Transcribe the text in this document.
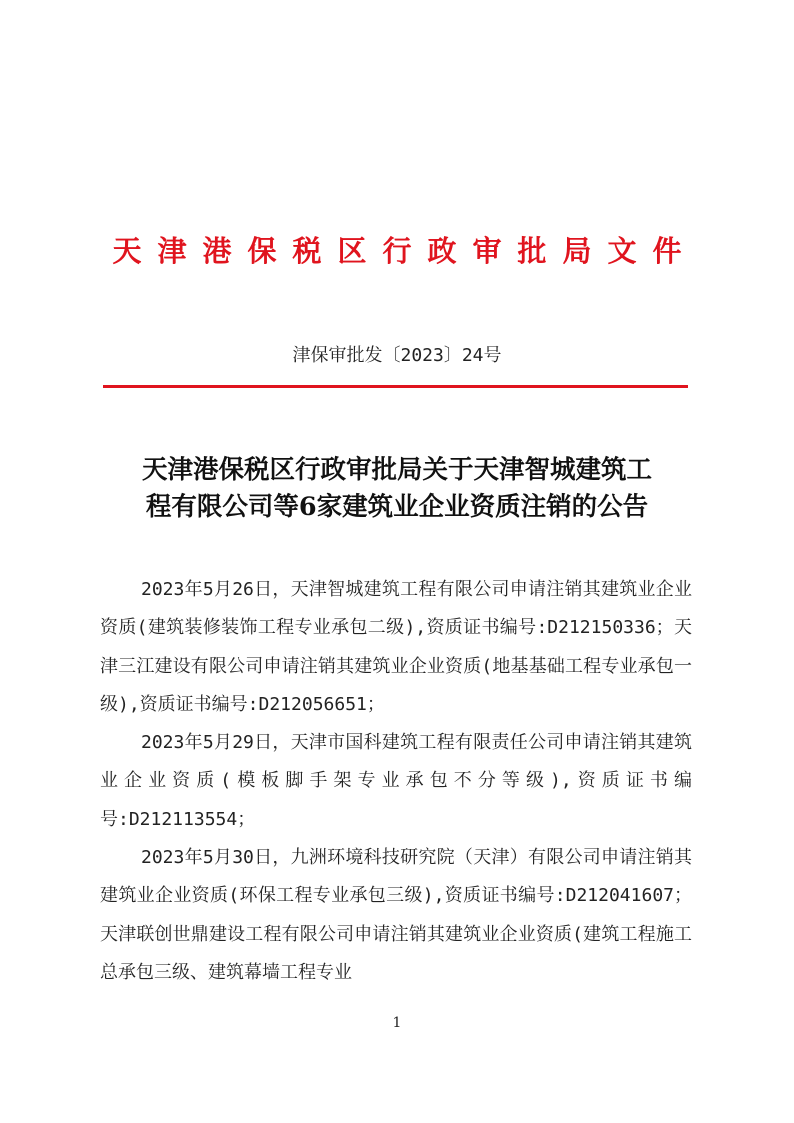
天津港保税区行政审批局文件
津保审批发〔2023〕24号
天津港保税区行政审批局关于天津智城建筑工
程有限公司等6家建筑业企业资质注销的公告

2023年5月26日，天津智城建筑工程有限公司申请注销其建筑业企业资质(建筑装修装饰工程专业承包二级),资质证书编号:D212150336；天津三江建设有限公司申请注销其建筑业企业资质(地基基础工程专业承包一级),资质证书编号:D212056651；

2023年5月29日，天津市国科建筑工程有限责任公司申请注销其建筑业企业资质(模板脚手架专业承包不分等级),资质证书编号:D212113554；

2023年5月30日，九洲环境科技研究院（天津）有限公司申请注销其建筑业企业资质(环保工程专业承包三级),资质证书编号:D212041607；天津联创世鼎建设工程有限公司申请注销其建筑业企业资质(建筑工程施工总承包三级、建筑幕墙工程专业

1
